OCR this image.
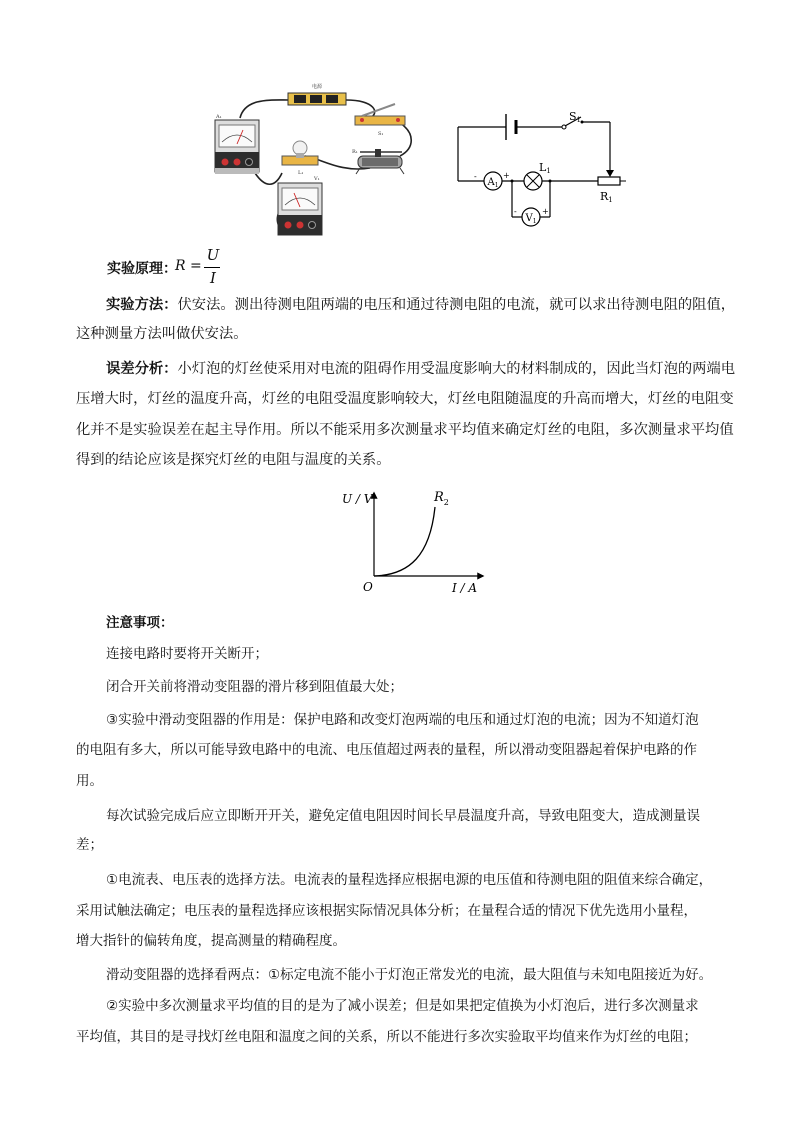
电源
S₁
A₁
L₁
R₁
V₁
S1
R1
$A_1$
-	+
L1
$V_1$
-	+
实验原理：
R =
U
I
实验方法：伏安法。测出待测电阻两端的电压和通过待测电阻的电流，就可以求出待测电阻的阻值，
这种测量方法叫做伏安法。
误差分析：小灯泡的灯丝使采用对电流的阻碍作用受温度影响大的材料制成的，因此当灯泡的两端电
压增大时，灯丝的温度升高，灯丝的电阻受温度影响较大，灯丝电阻随温度的升高而增大，灯丝的电阻变
化并不是实验误差在起主导作用。所以不能采用多次测量求平均值来确定灯丝的电阻，多次测量求平均值
得到的结论应该是探究灯丝的电阻与温度的关系。
U / V
I / A
O
$R_2$
注意事项：
连接电路时要将开关断开；
闭合开关前将滑动变阻器的滑片移到阻值最大处；
③实验中滑动变阻器的作用是：保护电路和改变灯泡两端的电压和通过灯泡的电流；因为不知道灯泡
的电阻有多大，所以可能导致电路中的电流、电压值超过两表的量程，所以滑动变阻器起着保护电路的作
用。
每次试验完成后应立即断开开关，避免定值电阻因时间长早晨温度升高，导致电阻变大，造成测量误
差；
①电流表、电压表的选择方法。电流表的量程选择应根据电源的电压值和待测电阻的阻值来综合确定，
采用试触法确定；电压表的量程选择应该根据实际情况具体分析；在量程合适的情况下优先选用小量程，
增大指针的偏转角度，提高测量的精确程度。
滑动变阻器的选择看两点：①标定电流不能小于灯泡正常发光的电流，最大阻值与未知电阻接近为好。
②实验中多次测量求平均值的目的是为了减小误差；但是如果把定值换为小灯泡后，进行多次测量求
平均值，其目的是寻找灯丝电阻和温度之间的关系，所以不能进行多次实验取平均值来作为灯丝的电阻；
